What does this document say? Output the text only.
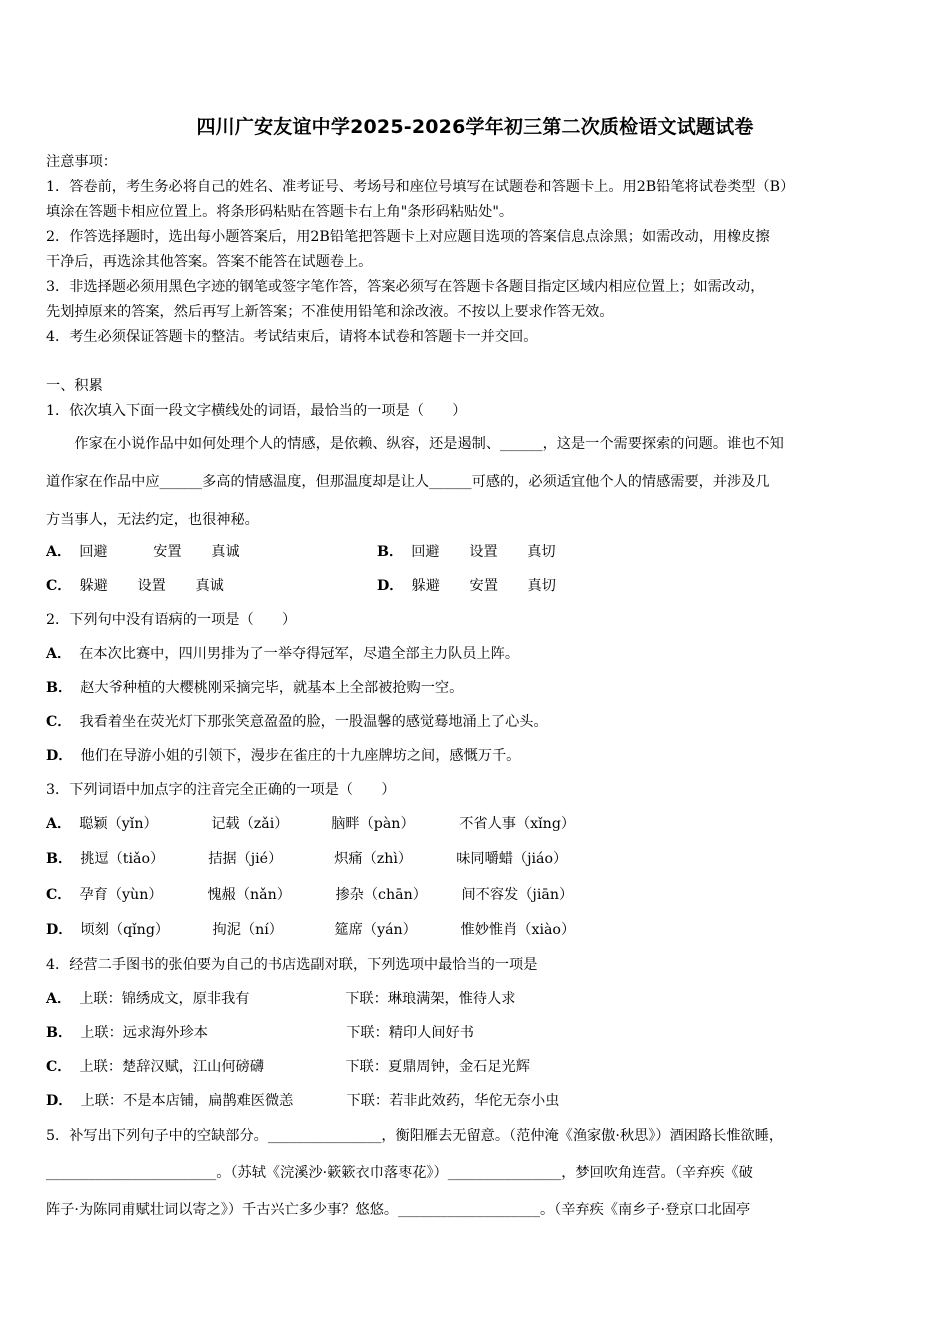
四川广安友谊中学2025-2026学年初三第二次质检语文试题试卷
注意事项：
1．答卷前，考生务必将自己的姓名、准考证号、考场号和座位号填写在试题卷和答题卡上。用2B铅笔将试卷类型（B）
填涂在答题卡相应位置上。将条形码粘贴在答题卡右上角"条形码粘贴处"。
2．作答选择题时，选出每小题答案后，用2B铅笔把答题卡上对应题目选项的答案信息点涂黑；如需改动，用橡皮擦
干净后，再选涂其他答案。答案不能答在试题卷上。
3．非选择题必须用黑色字迹的钢笔或签字笔作答，答案必须写在答题卡各题目指定区域内相应位置上；如需改动，
先划掉原来的答案，然后再写上新答案；不准使用铅笔和涂改液。不按以上要求作答无效。
4．考生必须保证答题卡的整洁。考试结束后，请将本试卷和答题卡一并交回。
一、积累
1．依次填入下面一段文字横线处的词语，最恰当的一项是（　　）
　　作家在小说作品中如何处理个人的情感，是依赖、纵容，还是遏制、______，这是一个需要探索的问题。谁也不知
道作家在作品中应______多高的情感温度，但那温度却是让人______可感的，必须适宜他个人的情感需要，并涉及几
方当事人，无法约定，也很神秘。
A． 回避	安置 真诚	B． 回避 设置 真切
C． 躲避 设置 真诚	D． 躲避 安置 真切
2．下列句中没有语病的一项是（　　）
A． 在本次比赛中，四川男排为了一举夺得冠军，尽遣全部主力队员上阵。
B． 赵大爷种植的大樱桃刚采摘完毕，就基本上全部被抢购一空。
C． 我看着坐在荧光灯下那张笑意盈盈的脸，一股温馨的感觉蓦地涌上了心头。
D． 他们在导游小姐的引领下，漫步在雀庄的十九座牌坊之间，感慨万千。
3．下列词语中加点字的注音完全正确的一项是（　　）
A． 聪颖（yǐn）	记载（zǎi）	脑畔（pàn）	不省人事（xǐng）
B． 挑逗（tiǎo）	拮据（jié）	炽痛（zhì）	味同嚼蜡（jiáo）
C． 孕育（yùn）	愧赧（nǎn）	掺杂（chān） 间不容发（jiān）
D． 顷刻（qǐng）	拘泥（ní）	筵席（yán）	惟妙惟肖（xiào）
4．经营二手图书的张伯要为自己的书店选副对联，下列选项中最恰当的一项是
A． 上联：锦绣成文，原非我有	下联：琳琅满架，惟待人求
B． 上联：远求海外珍本	下联：精印人间好书
C． 上联：楚辞汉赋，江山何磅礴	下联：夏鼎周钟，金石足光辉
D． 上联：不是本店铺，扁鹊难医微恙	下联：若非此效药，华佗无奈小虫
5．补写出下列句子中的空缺部分。________________，衡阳雁去无留意。（范仲淹《渔家傲·秋思》）酒困路长惟欲睡，
________________________。（苏轼《浣溪沙·簌簌衣巾落枣花》）________________，梦回吹角连营。（辛弃疾《破
阵子·为陈同甫赋壮词以寄之》）千古兴亡多少事？悠悠。____________________。（辛弃疾《南乡子·登京口北固亭
